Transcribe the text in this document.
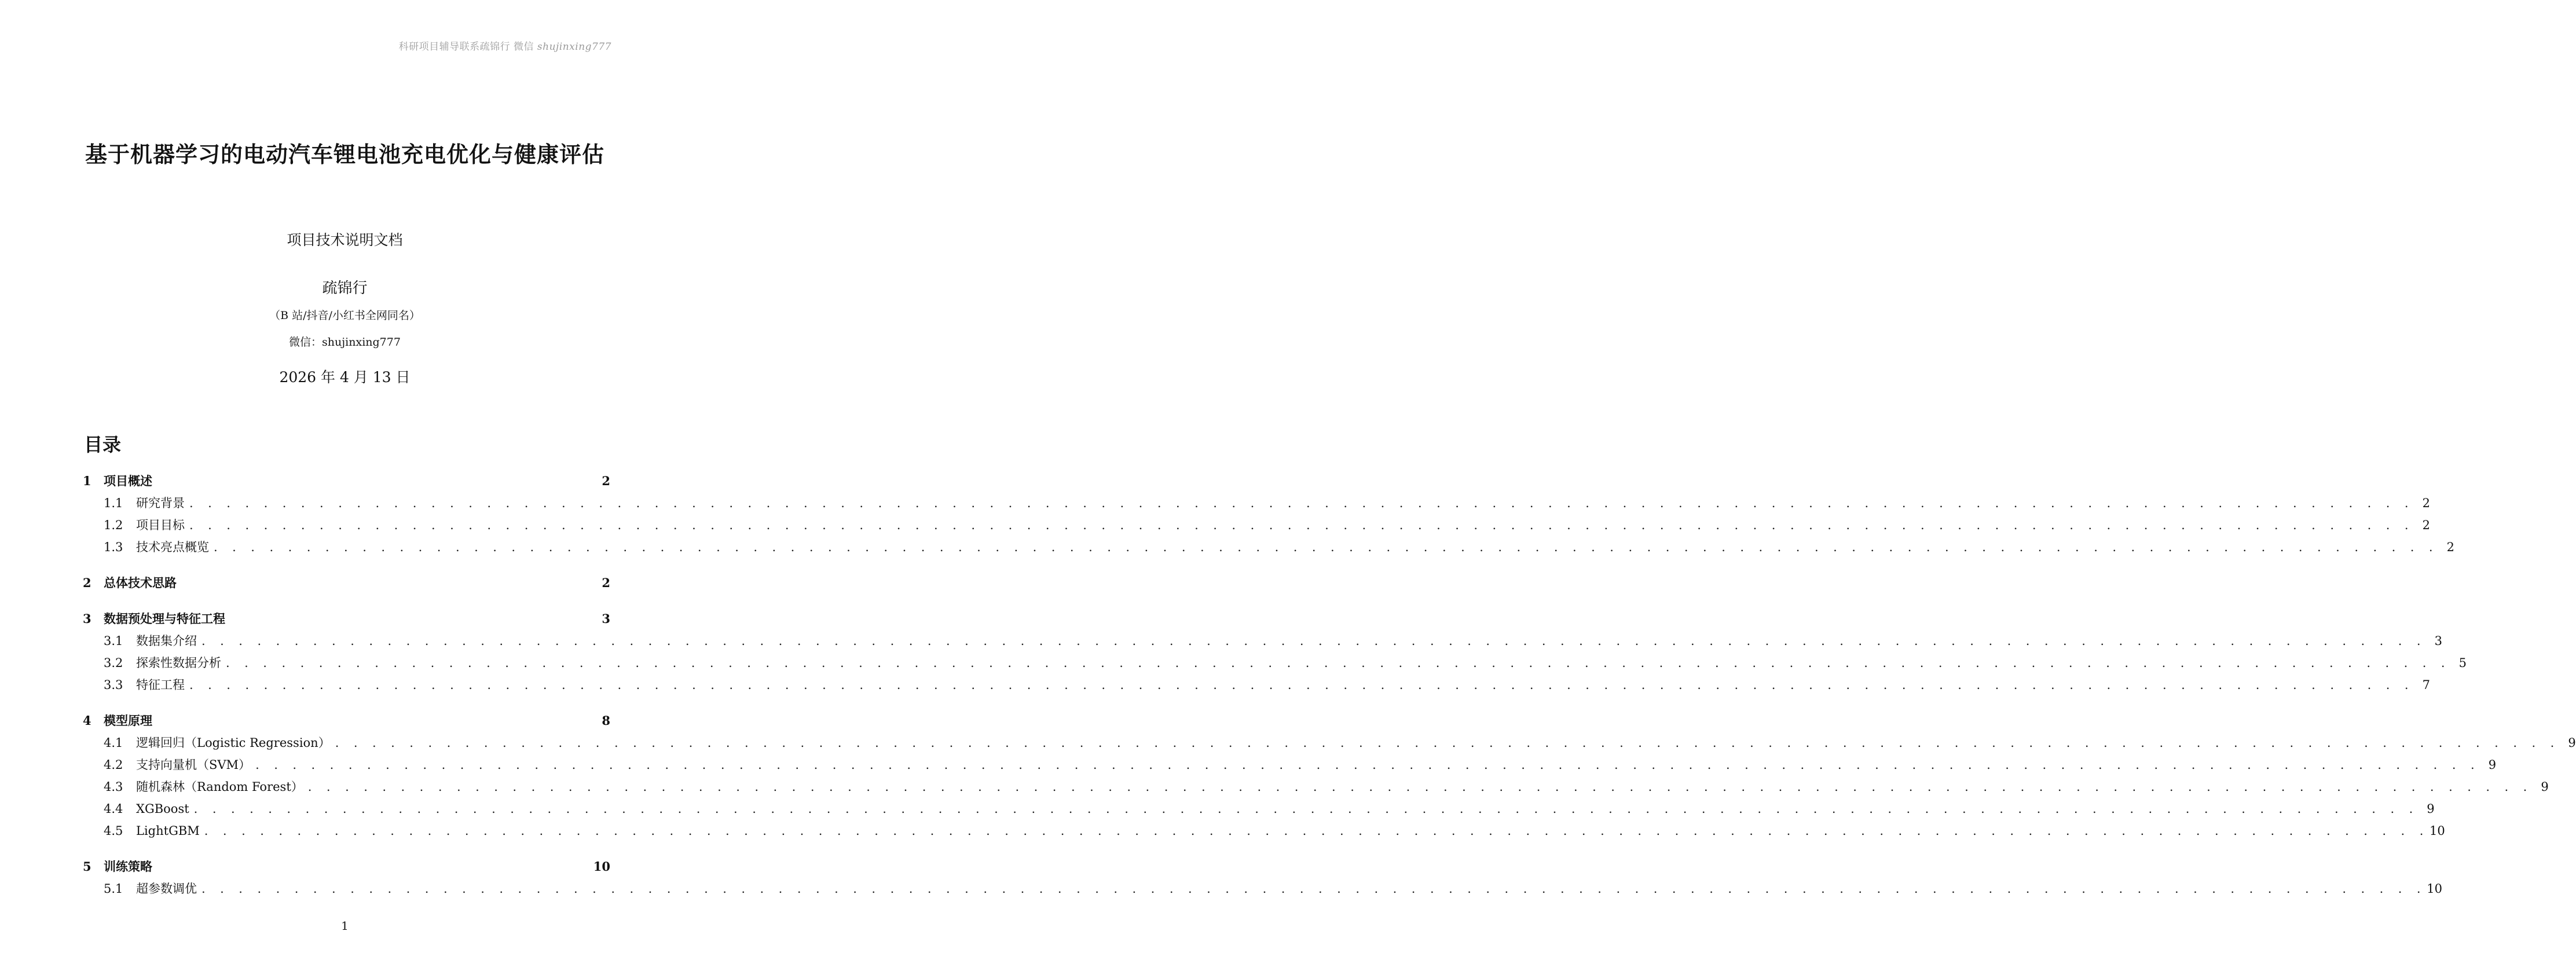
科研项目辅导联系疏锦行 微信 shujinxing777
基于机器学习的电动汽车锂电池充电优化与健康评估
项目技术说明文档
疏锦行
（B 站/抖音/小红书全网同名）
微信：shujinxing777
2026 年 4 月 13 日
目录
1	项目概述	2
1.1	研究背景 . . . . . . . . . . . . . . . . . . . . . . . . . . . . . . . . . . . . . . . . . . . . . . . . . . . . . . . . . . . . . . . . . . . . . . . . . . . . . . . . . . . . . . . . . . . . . . . . . . . . . . . . . . . . . . . . . . . . . . . . 2
1.2	项目目标 . . . . . . . . . . . . . . . . . . . . . . . . . . . . . . . . . . . . . . . . . . . . . . . . . . . . . . . . . . . . . . . . . . . . . . . . . . . . . . . . . . . . . . . . . . . . . . . . . . . . . . . . . . . . . . . . . . . . . . . . 2
1.3	技术亮点概览 . . . . . . . . . . . . . . . . . . . . . . . . . . . . . . . . . . . . . . . . . . . . . . . . . . . . . . . . . . . . . . . . . . . . . . . . . . . . . . . . . . . . . . . . . . . . . . . . . . . . . . . . . . . . . . . . . . . . . . . . 2
2	总体技术思路	2
3	数据预处理与特征工程	3
3.1	数据集介绍 . . . . . . . . . . . . . . . . . . . . . . . . . . . . . . . . . . . . . . . . . . . . . . . . . . . . . . . . . . . . . . . . . . . . . . . . . . . . . . . . . . . . . . . . . . . . . . . . . . . . . . . . . . . . . . . . . . . . . . . . 3
3.2	探索性数据分析 . . . . . . . . . . . . . . . . . . . . . . . . . . . . . . . . . . . . . . . . . . . . . . . . . . . . . . . . . . . . . . . . . . . . . . . . . . . . . . . . . . . . . . . . . . . . . . . . . . . . . . . . . . . . . . . . . . . . . . . . 5
3.3	特征工程 . . . . . . . . . . . . . . . . . . . . . . . . . . . . . . . . . . . . . . . . . . . . . . . . . . . . . . . . . . . . . . . . . . . . . . . . . . . . . . . . . . . . . . . . . . . . . . . . . . . . . . . . . . . . . . . . . . . . . . . . 7
4	模型原理	8
4.1	逻辑回归（Logistic Regression） . . . . . . . . . . . . . . . . . . . . . . . . . . . . . . . . . . . . . . . . . . . . . . . . . . . . . . . . . . . . . . . . . . . . . . . . . . . . . . . . . . . . . . . . . . . . . . . . . . . . . . . . . . . . . . . . . . . . . . . . 9
4.2	支持向量机（SVM） . . . . . . . . . . . . . . . . . . . . . . . . . . . . . . . . . . . . . . . . . . . . . . . . . . . . . . . . . . . . . . . . . . . . . . . . . . . . . . . . . . . . . . . . . . . . . . . . . . . . . . . . . . . . . . . . . . . . . . . . 9
4.3	随机森林（Random Forest） . . . . . . . . . . . . . . . . . . . . . . . . . . . . . . . . . . . . . . . . . . . . . . . . . . . . . . . . . . . . . . . . . . . . . . . . . . . . . . . . . . . . . . . . . . . . . . . . . . . . . . . . . . . . . . . . . . . . . . . . 9
4.4	XGBoost . . . . . . . . . . . . . . . . . . . . . . . . . . . . . . . . . . . . . . . . . . . . . . . . . . . . . . . . . . . . . . . . . . . . . . . . . . . . . . . . . . . . . . . . . . . . . . . . . . . . . . . . . . . . . . . . . . . . . . . . 9
4.5	LightGBM . . . . . . . . . . . . . . . . . . . . . . . . . . . . . . . . . . . . . . . . . . . . . . . . . . . . . . . . . . . . . . . . . . . . . . . . . . . . . . . . . . . . . . . . . . . . . . . . . . . . . . . . . . . . . . . . . . . . . . . . 10
5	训练策略	10
5.1	超参数调优 . . . . . . . . . . . . . . . . . . . . . . . . . . . . . . . . . . . . . . . . . . . . . . . . . . . . . . . . . . . . . . . . . . . . . . . . . . . . . . . . . . . . . . . . . . . . . . . . . . . . . . . . . . . . . . . . . . . . . . . . 10
1
